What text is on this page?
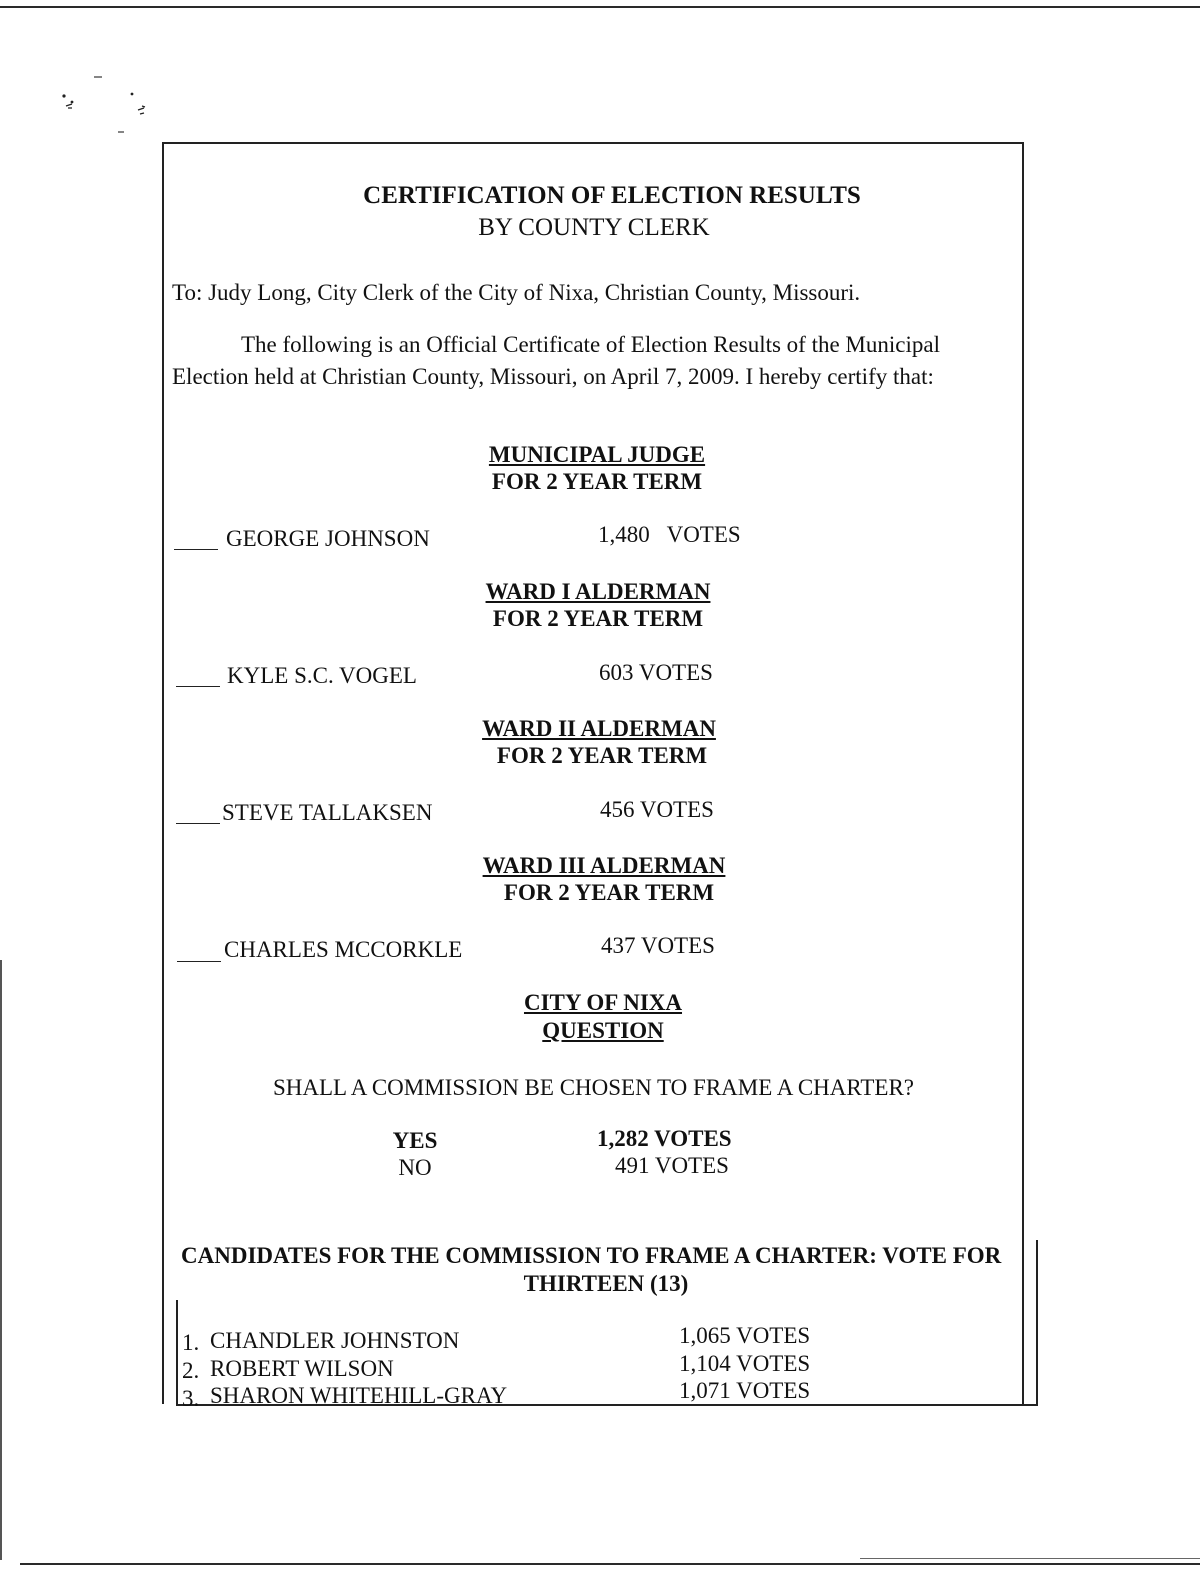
CERTIFICATION OF ELECTION RESULTS
BY COUNTY CLERK
To: Judy Long, City Clerk of the City of Nixa, Christian County, Missouri.
The following is an Official Certificate of Election Results of the Municipal
Election held at Christian County, Missouri, on April 7, 2009. I hereby certify that:
MUNICIPAL JUDGE
FOR 2 YEAR TERM
GEORGE JOHNSON	1,480   VOTES
WARD I ALDERMAN
FOR 2 YEAR TERM
KYLE S.C. VOGEL	603 VOTES
WARD II ALDERMAN
FOR 2 YEAR TERM
STEVE TALLAKSEN	456 VOTES
WARD III ALDERMAN
FOR 2 YEAR TERM
CHARLES MCCORKLE	437 VOTES
CITY OF NIXA
QUESTION
SHALL A COMMISSION BE CHOSEN TO FRAME A CHARTER?
YES	1,282 VOTES
NO	491 VOTES
CANDIDATES FOR THE COMMISSION TO FRAME A CHARTER: VOTE FOR
THIRTEEN (13)
1. CHANDLER JOHNSTON	1,065 VOTES
2. ROBERT WILSON	1,104 VOTES
3. SHARON WHITEHILL-GRAY	1,071 VOTES
